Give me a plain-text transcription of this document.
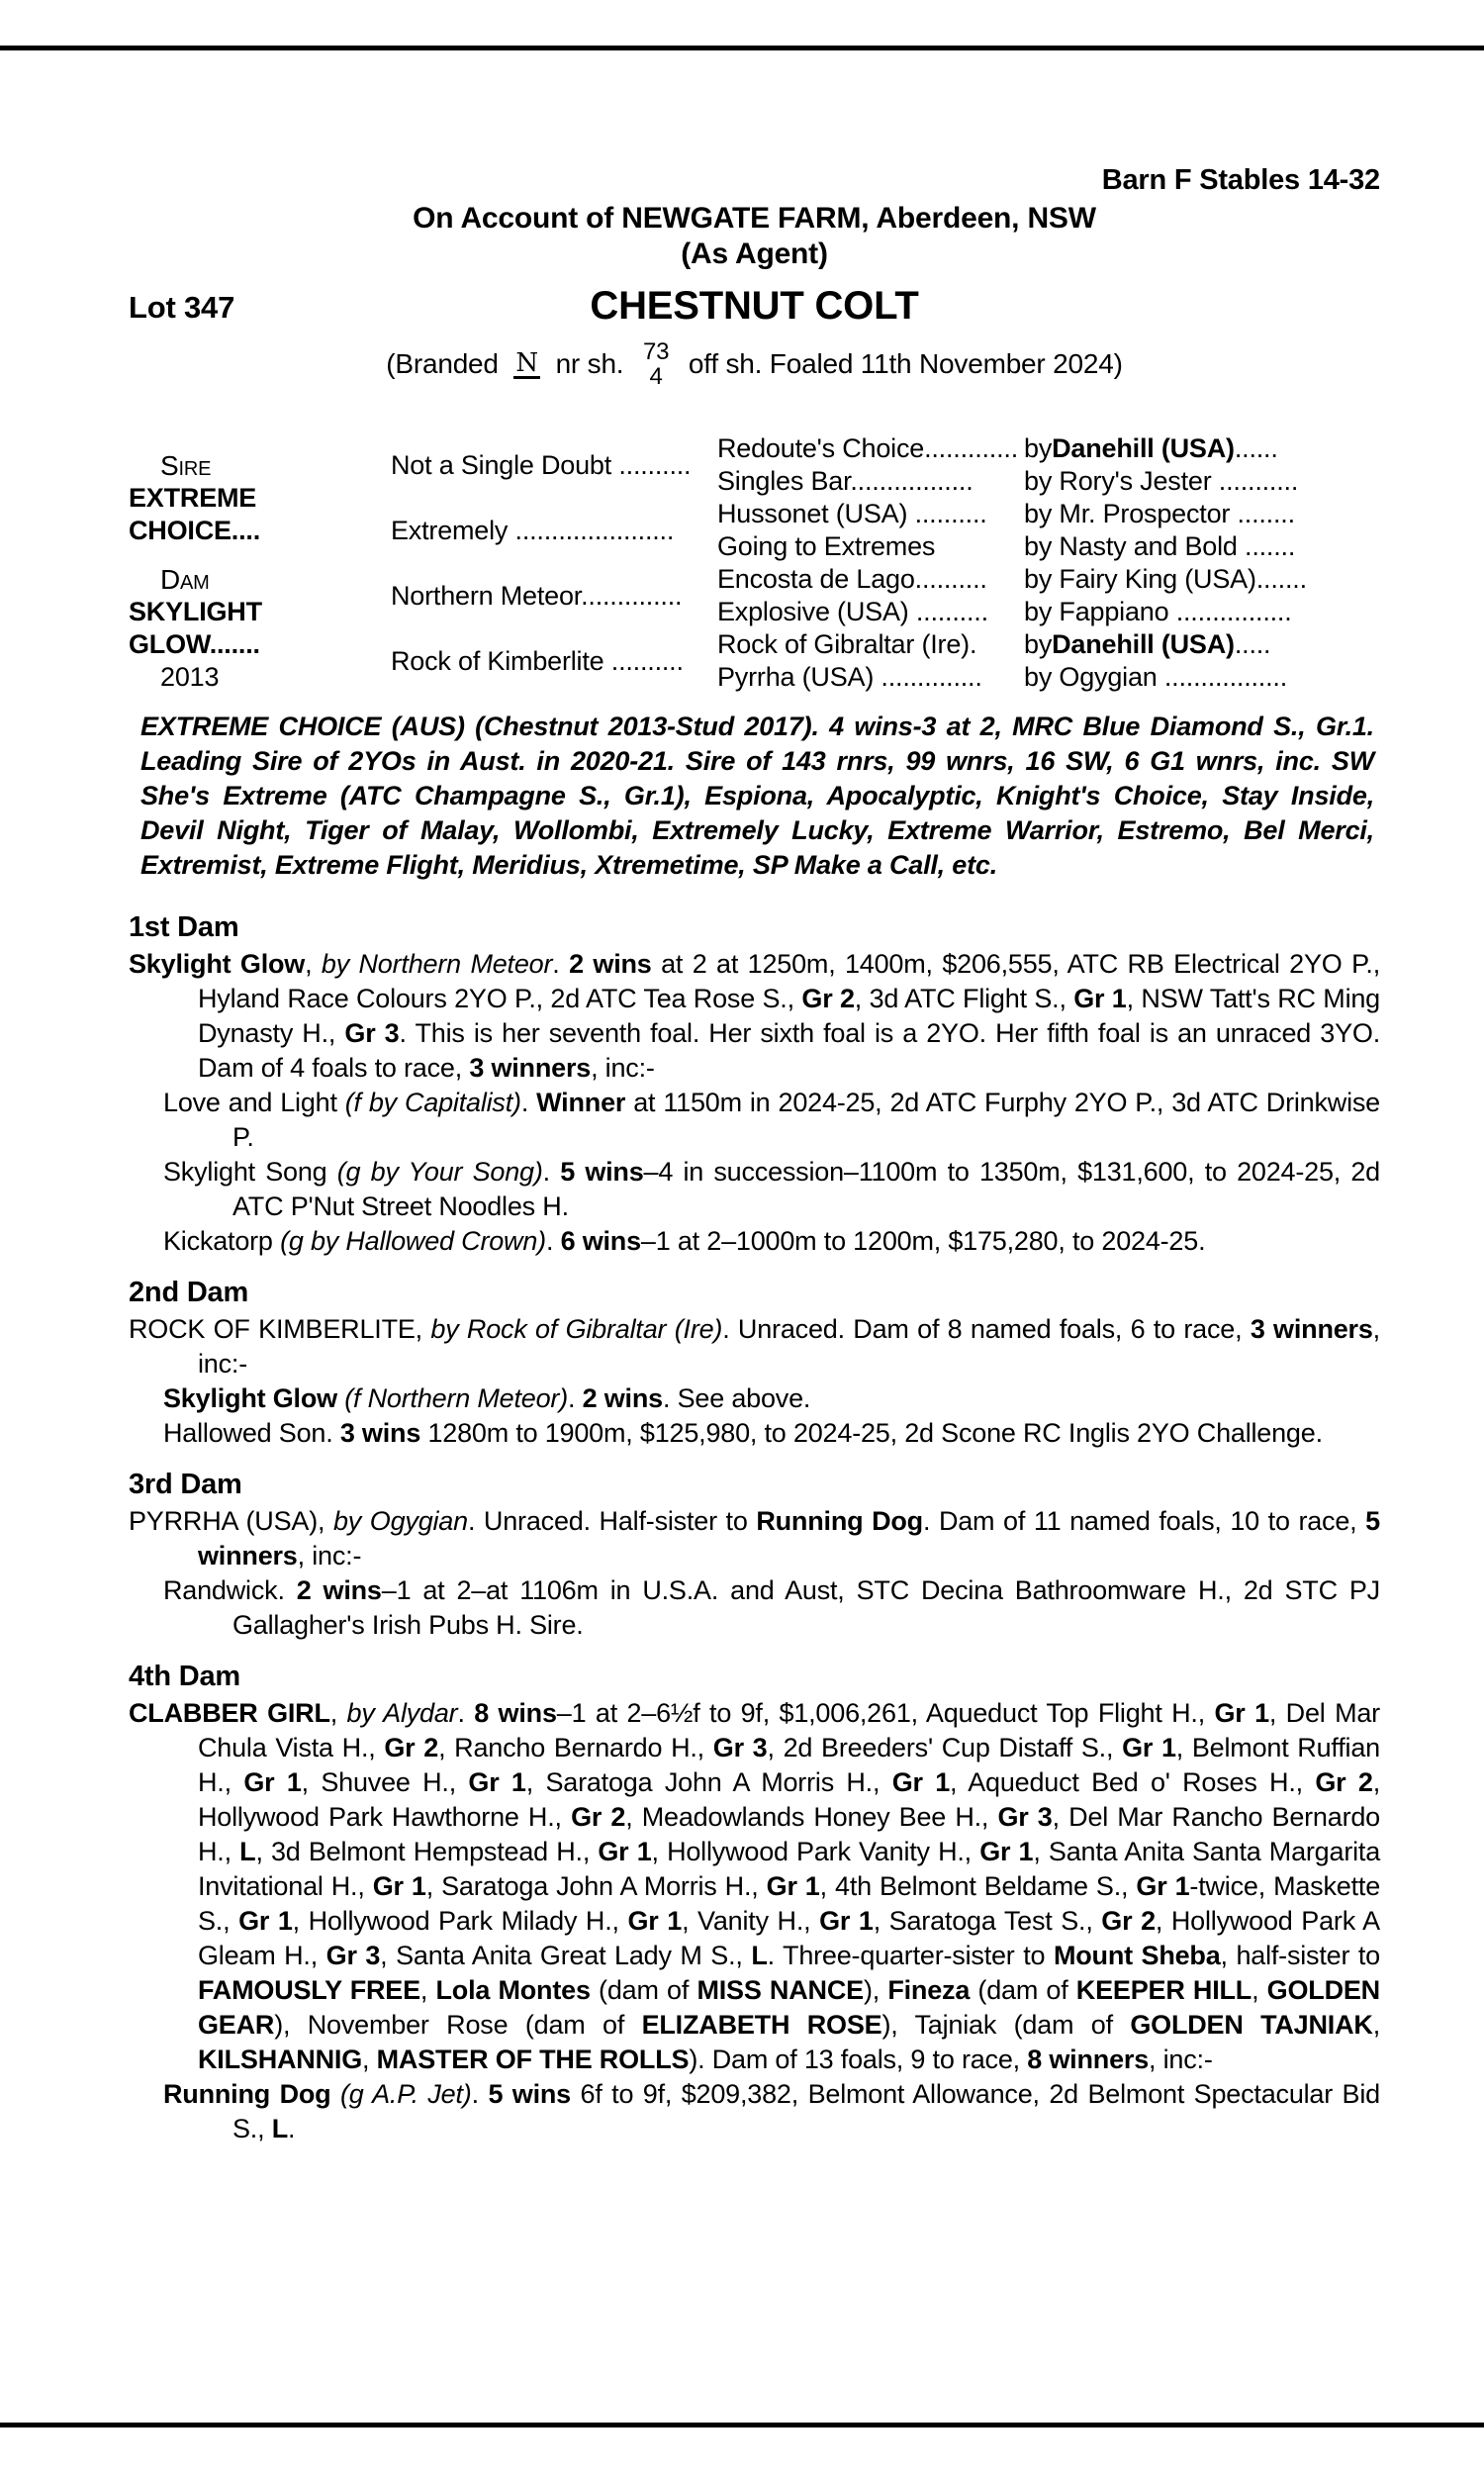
Barn F Stables 14-32
On Account of NEWGATE FARM, Aberdeen, NSW
(As Agent)
Lot 347	CHESTNUT COLT
(Branded N nr sh. 73
4 off sh. Foaled 11th November 2024)
Sire
EXTREME CHOICE....
Dam
SKYLIGHT GLOW.......
2013
Not a Single Doubt ..........
Extremely ......................
Northern Meteor..............
Rock of Kimberlite ..........
Redoute's Choice.............
Singles Bar.................
Hussonet (USA) ..........
Going to Extremes
Encosta de Lago..........
Explosive (USA) ..........
Rock of Gibraltar (Ire).
Pyrrha (USA) ..............
by Danehill (USA) ......
by Rory's Jester ...........
by Mr. Prospector ........
by Nasty and Bold .......
by Fairy King (USA).......
by Fappiano ................
by Danehill (USA) .....
by Ogygian .................

EXTREME CHOICE (AUS) (Chestnut 2013-Stud 2017). 4 wins-3 at 2, MRC Blue Diamond S., Gr.1. Leading Sire of 2YOs in Aust. in 2020-21. Sire of 143 rnrs, 99 wnrs, 16 SW, 6 G1 wnrs, inc. SW She's Extreme (ATC Champagne S., Gr.1), Espiona, Apocalyptic, Knight's Choice, Stay Inside, Devil Night, Tiger of Malay, Wollombi, Extremely Lucky, Extreme Warrior, Estremo, Bel Merci, Extremist, Extreme Flight, Meridius, Xtremetime, SP Make a Call, etc.

1st Dam

Skylight Glow, by Northern Meteor. 2 wins at 2 at 1250m, 1400m, $206,555, ATC RB Electrical 2YO P., Hyland Race Colours 2YO P., 2d ATC Tea Rose S., Gr 2, 3d ATC Flight S., Gr 1, NSW Tatt's RC Ming Dynasty H., Gr 3. This is her seventh foal. Her sixth foal is a 2YO. Her fifth foal is an unraced 3YO. Dam of 4 foals to race, 3 winners, inc:-

Love and Light (f by Capitalist). Winner at 1150m in 2024-25, 2d ATC Furphy 2YO P., 3d ATC Drinkwise P.

Skylight Song (g by Your Song). 5 wins–4 in succession–1100m to 1350m, $131,600, to 2024-25, 2d ATC P'Nut Street Noodles H.

Kickatorp (g by Hallowed Crown). 6 wins–1 at 2–1000m to 1200m, $175,280, to 2024-25.

2nd Dam

ROCK OF KIMBERLITE, by Rock of Gibraltar (Ire). Unraced. Dam of 8 named foals, 6 to race, 3 winners, inc:-

Skylight Glow (f Northern Meteor). 2 wins. See above.

Hallowed Son. 3 wins 1280m to 1900m, $125,980, to 2024-25, 2d Scone RC Inglis 2YO Challenge.

3rd Dam

PYRRHA (USA), by Ogygian. Unraced. Half-sister to Running Dog. Dam of 11 named foals, 10 to race, 5 winners, inc:-

Randwick. 2 wins–1 at 2–at 1106m in U.S.A. and Aust, STC Decina Bathroomware H., 2d STC PJ Gallagher's Irish Pubs H. Sire.

4th Dam

CLABBER GIRL, by Alydar. 8 wins–1 at 2–6½f to 9f, $1,006,261, Aqueduct Top Flight H., Gr 1, Del Mar Chula Vista H., Gr 2, Rancho Bernardo H., Gr 3, 2d Breeders' Cup Distaff S., Gr 1, Belmont Ruffian H., Gr 1, Shuvee H., Gr 1, Saratoga John A Morris H., Gr 1, Aqueduct Bed o' Roses H., Gr 2, Hollywood Park Hawthorne H., Gr 2, Meadowlands Honey Bee H., Gr 3, Del Mar Rancho Bernardo H., L, 3d Belmont Hempstead H., Gr 1, Hollywood Park Vanity H., Gr 1, Santa Anita Santa Margarita Invitational H., Gr 1, Saratoga John A Morris H., Gr 1, 4th Belmont Beldame S., Gr 1-twice, Maskette S., Gr 1, Hollywood Park Milady H., Gr 1, Vanity H., Gr 1, Saratoga Test S., Gr 2, Hollywood Park A Gleam H., Gr 3, Santa Anita Great Lady M S., L. Three-quarter-sister to Mount Sheba, half-sister to FAMOUSLY FREE, Lola Montes (dam of MISS NANCE), Fineza (dam of KEEPER HILL, GOLDEN GEAR), November Rose (dam of ELIZABETH ROSE), Tajniak (dam of GOLDEN TAJNIAK, KILSHANNIG, MASTER OF THE ROLLS). Dam of 13 foals, 9 to race, 8 winners, inc:-

Running Dog (g A.P. Jet). 5 wins 6f to 9f, $209,382, Belmont Allowance, 2d Belmont Spectacular Bid S., L.
